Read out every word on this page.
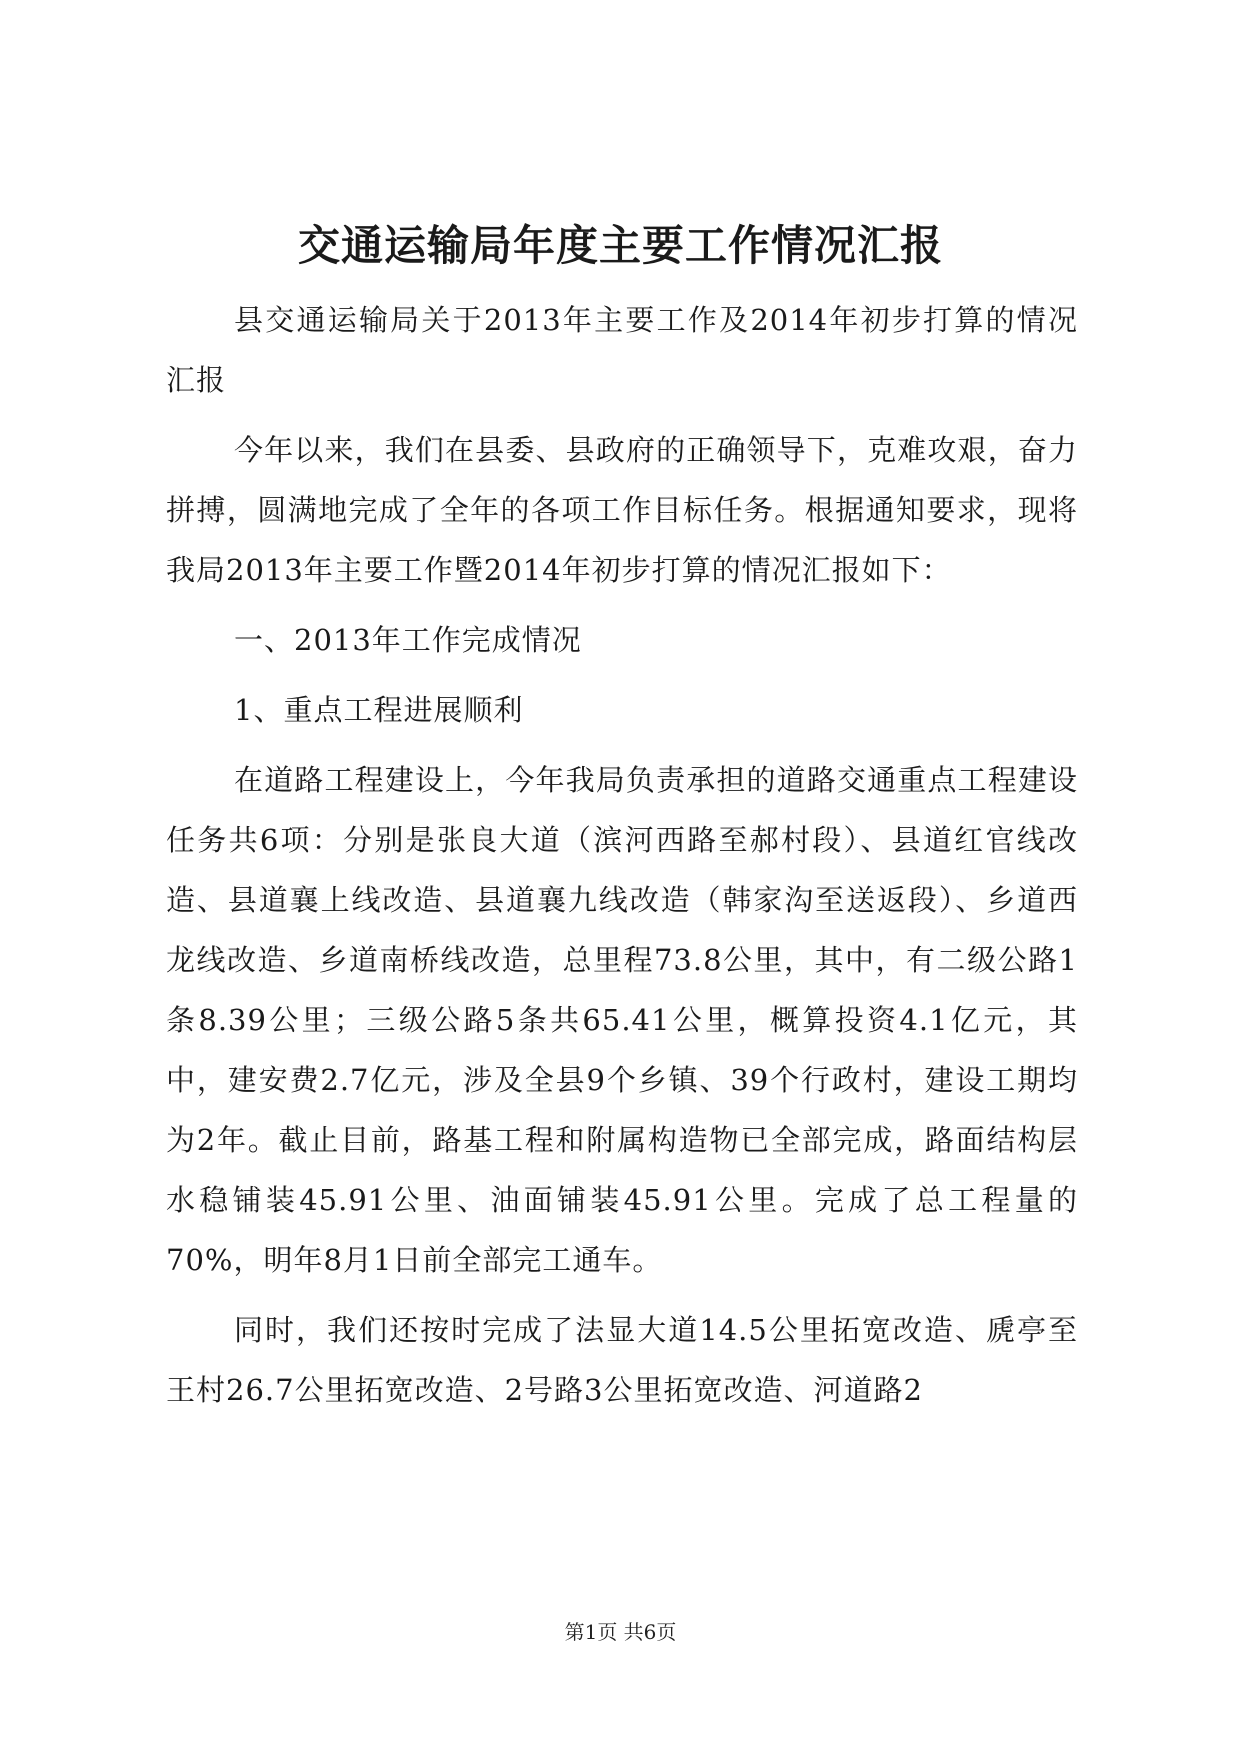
交通运输局年度主要工作情况汇报

县交通运输局关于2013年主要工作及2014年初步打算的情况汇报

今年以来，我们在县委、县政府的正确领导下，克难攻艰，奋力拼搏，圆满地完成了全年的各项工作目标任务。根据通知要求，现将我局2013年主要工作暨2014年初步打算的情况汇报如下：

一、2013年工作完成情况

1、重点工程进展顺利

在道路工程建设上，今年我局负责承担的道路交通重点工程建设任务共6项：分别是张良大道（滨河西路至郝村段）、县道红官线改造、县道襄上线改造、县道襄九线改造（韩家沟至送返段）、乡道西龙线改造、乡道南桥线改造，总里程73.8公里，其中，有二级公路1条8.39公里；三级公路5条共65.41公里，概算投资4.1亿元，其中，建安费2.7亿元，涉及全县9个乡镇、39个行政村，建设工期均为2年。截止目前，路基工程和附属构造物已全部完成，路面结构层水稳铺装45.91公里、油面铺装45.91公里。完成了总工程量的70%，明年8月1日前全部完工通车。

同时，我们还按时完成了法显大道14.5公里拓宽改造、虒亭至王村26.7公里拓宽改造、2号路3公里拓宽改造、河道路2

第1页 共6页
